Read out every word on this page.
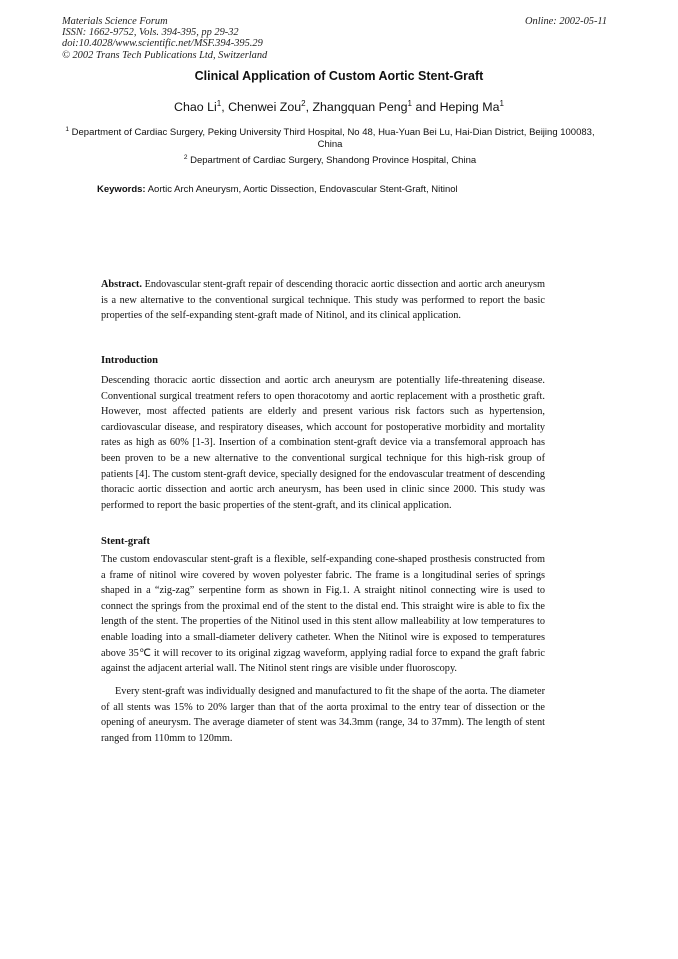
Materials Science Forum
ISSN: 1662-9752, Vols. 394-395, pp 29-32
doi:10.4028/www.scientific.net/MSF.394-395.29
© 2002 Trans Tech Publications Ltd, Switzerland
Online: 2002-05-11
Clinical Application of Custom Aortic Stent-Graft
Chao Li$^1$, Chenwei Zou$^2$, Zhangquan Peng$^1$ and Heping Ma$^1$
$^1$ Department of Cardiac Surgery, Peking University Third Hospital, No 48, Hua-Yuan Bei Lu, Hai-Dian District, Beijing 100083, China
$^2$ Department of Cardiac Surgery, Shandong Province Hospital, China
Keywords: Aortic Arch Aneurysm, Aortic Dissection, Endovascular Stent-Graft, Nitinol
Abstract. Endovascular stent-graft repair of descending thoracic aortic dissection and aortic arch aneurysm is a new alternative to the conventional surgical technique. This study was performed to report the basic properties of the self-expanding stent-graft made of Nitinol, and its clinical application.
Introduction
Descending thoracic aortic dissection and aortic arch aneurysm are potentially life-threatening disease. Conventional surgical treatment refers to open thoracotomy and aortic replacement with a prosthetic graft. However, most affected patients are elderly and present various risk factors such as hypertension, cardiovascular disease, and respiratory diseases, which account for postoperative morbidity and mortality rates as high as 60% [1-3]. Insertion of a combination stent-graft device via a transfemoral approach has been proven to be a new alternative to the conventional surgical technique for this high-risk group of patients [4]. The custom stent-graft device, specially designed for the endovascular treatment of descending thoracic aortic dissection and aortic arch aneurysm, has been used in clinic since 2000. This study was performed to report the basic properties of the stent-graft, and its clinical application.
Stent-graft
The custom endovascular stent-graft is a flexible, self-expanding cone-shaped prosthesis constructed from a frame of nitinol wire covered by woven polyester fabric. The frame is a longitudinal series of springs shaped in a “zig-zag” serpentine form as shown in Fig.1. A straight nitinol connecting wire is used to connect the springs from the proximal end of the stent to the distal end. This straight wire is able to fix the length of the stent. The properties of the Nitinol used in this stent allow malleability at low temperatures to enable loading into a small-diameter delivery catheter. When the Nitinol wire is exposed to temperatures above 35℃ it will recover to its original zigzag waveform, applying radial force to expand the graft fabric against the adjacent arterial wall. The Nitinol stent rings are visible under fluoroscopy.
Every stent-graft was individually designed and manufactured to fit the shape of the aorta. The diameter of all stents was 15% to 20% larger than that of the aorta proximal to the entry tear of dissection or the opening of aneurysm. The average diameter of stent was 34.3mm (range, 34 to 37mm). The length of stent ranged from 110mm to 120mm.
